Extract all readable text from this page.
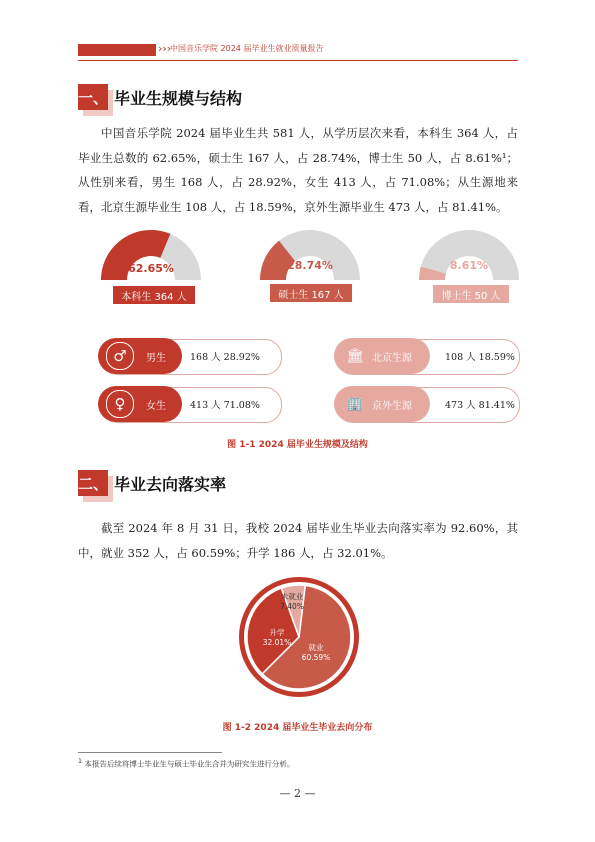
›››
中国音乐学院 2024 届毕业生就业质量报告
一、 毕业生规模与结构
中国音乐学院 2024 届毕业生共 581 人，从学历层次来看，本科生 364 人，占毕业生总数的 62.65%，硕士生 167 人，占 28.74%，博士生 50 人，占 8.61%¹；从性别来看，男生 168 人，占 28.92%，女生 413 人，占 71.08%；从生源地来看，北京生源毕业生 108 人，占 18.59%，京外生源毕业生 473 人，占 81.41%。
62.65%	28.74%	8.61%
本科生 364 人	硕士生 167 人	博士生 50 人
♂	男生	168 人 28.92%
♀	女生	413 人 71.08%
🏛 北京生源	108 人 18.59%
🏢 京外生源	473 人 81.41%
图 1-1 2024 届毕业生规模及结构
二、 毕业去向落实率
截至 2024 年 8 月 31 日，我校 2024 届毕业生毕业去向落实率为 92.60%，其中，就业 352 人，占 60.59%；升学 186 人，占 32.01%。
就业
60.59%
升学
32.01%
未就业
7.40%
图 1-2 2024 届毕业生毕业去向分布
$^1$ 本报告后续将博士毕业生与硕士毕业生合并为研究生进行分析。
— 2 —
